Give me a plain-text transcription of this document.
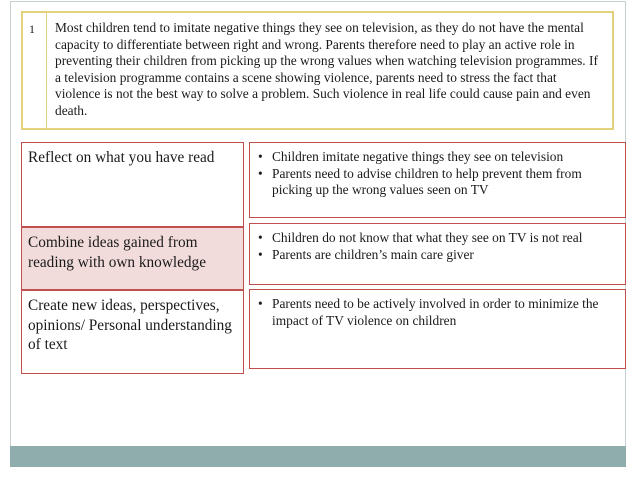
1	Most children tend to imitate negative things they see on television, as they do not have the mental capacity to differentiate between right and wrong. Parents therefore need to play an active role in preventing their children from picking up the wrong values when watching television programmes. If a television programme contains a scene showing violence, parents need to stress the fact that violence is not the best way to solve a problem. Such violence in real life could cause pain and even death.
Reflect on what you have read
•	Children imitate negative things they see on television
• Parents need to advise children to help prevent them from picking up the wrong values seen on TV
Combine ideas gained from reading with own knowledge
• Children do not know that what they see on TV is not real
• Parents are children’s main care giver
Create new ideas, perspectives, opinions/ Personal understanding of text
• Parents need to be actively involved in order to minimize the impact of TV violence on children
